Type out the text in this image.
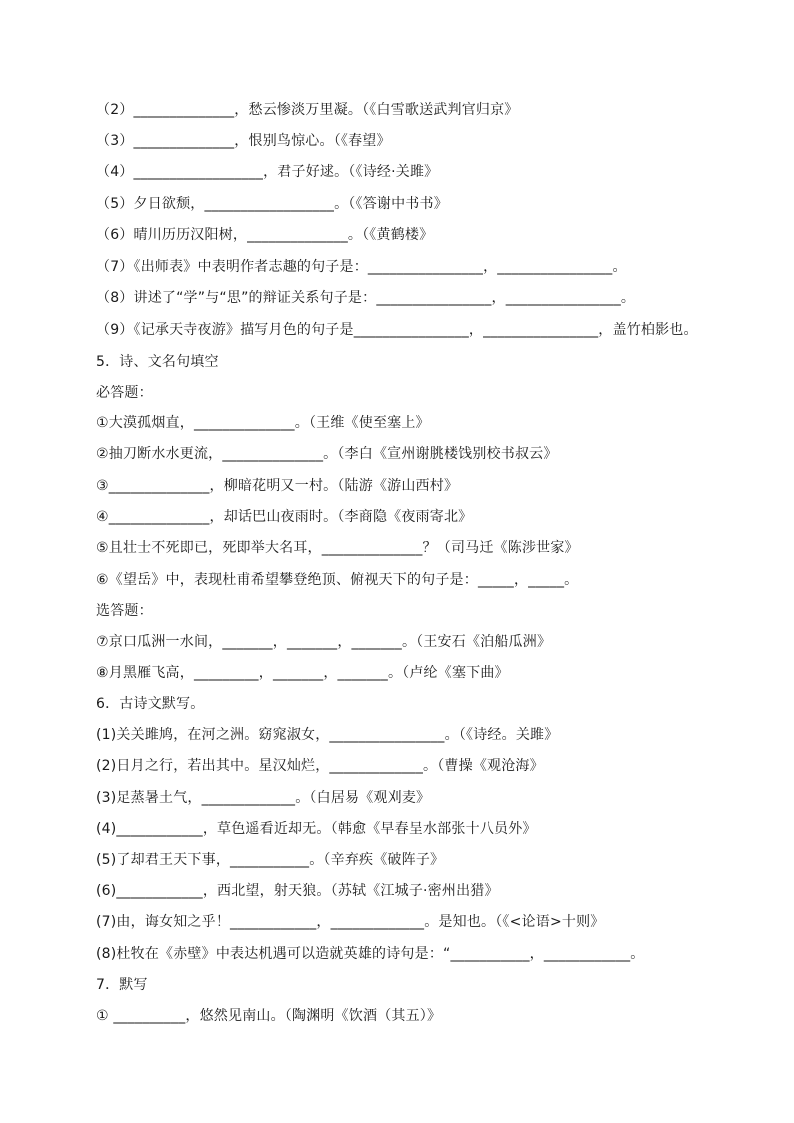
（2）______________，愁云惨淡万里凝。（《白雪歌送武判官归京》
（3）______________，恨别鸟惊心。（《春望》
（4）__________________，君子好逑。（《诗经·关雎》
（5）夕日欲颓，__________________。（《答谢中书书》
（6）晴川历历汉阳树，______________。（《黄鹤楼》
（7）《出师表》中表明作者志趣的句子是：________________，________________。
（8）讲述了“学”与“思”的辩证关系句子是：________________，________________。
（9）《记承天寺夜游》描写月色的句子是________________，________________，盖竹柏影也。
5．诗、文名句填空
必答题：
①大漠孤烟直，______________。（王维《使至塞上》
②抽刀断水水更流，______________。（李白《宣州谢朓楼饯别校书叔云》
③______________，柳暗花明又一村。（陆游《游山西村》
④______________，却话巴山夜雨时。（李商隐《夜雨寄北》
⑤且壮士不死即已，死即举大名耳，______________？（司马迁《陈涉世家》
⑥《望岳》中，表现杜甫希望攀登绝顶、俯视天下的句子是：_____，_____。
选答题：
⑦京口瓜洲一水间，_______，_______，_______。（王安石《泊船瓜洲》
⑧月黑雁飞高，_________，_______，_______。（卢纶《塞下曲》
6．古诗文默写。
(1)关关雎鸠，在河之洲。窈窕淑女，________________。（《诗经。关雎》
(2)日月之行，若出其中。星汉灿烂，_____________。（曹操《观沧海》
(3)足蒸暑土气，_____________。（白居易《观刈麦》
(4)____________，草色遥看近却无。（韩愈《早春呈水部张十八员外》
(5)了却君王天下事，___________。（辛弃疾《破阵子》
(6)____________，西北望，射天狼。（苏轼《江城子·密州出猎》
(7)由，诲女知之乎！____________，_____________。是知也。（《<论语>十则》
(8)杜牧在《赤壁》中表达机遇可以造就英雄的诗句是：“___________，____________。
7．默写
① __________，悠然见南山。（陶渊明《饮酒（其五）》
